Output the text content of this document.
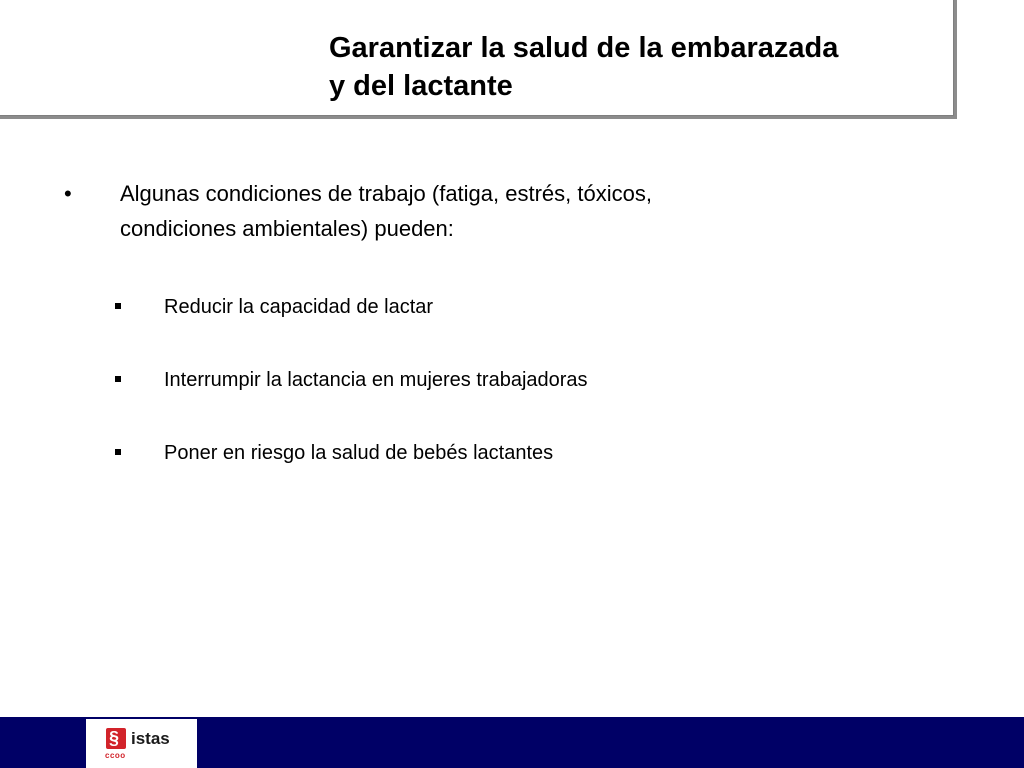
Garantizar la salud de la embarazada
y del lactante
• Algunas condiciones de trabajo (fatiga, estrés, tóxicos,
condiciones ambientales) pueden:
Reducir la capacidad de lactar
Interrumpir la lactancia en mujeres trabajadoras
Poner en riesgo la salud de bebés lactantes
§
ccoo
istas
